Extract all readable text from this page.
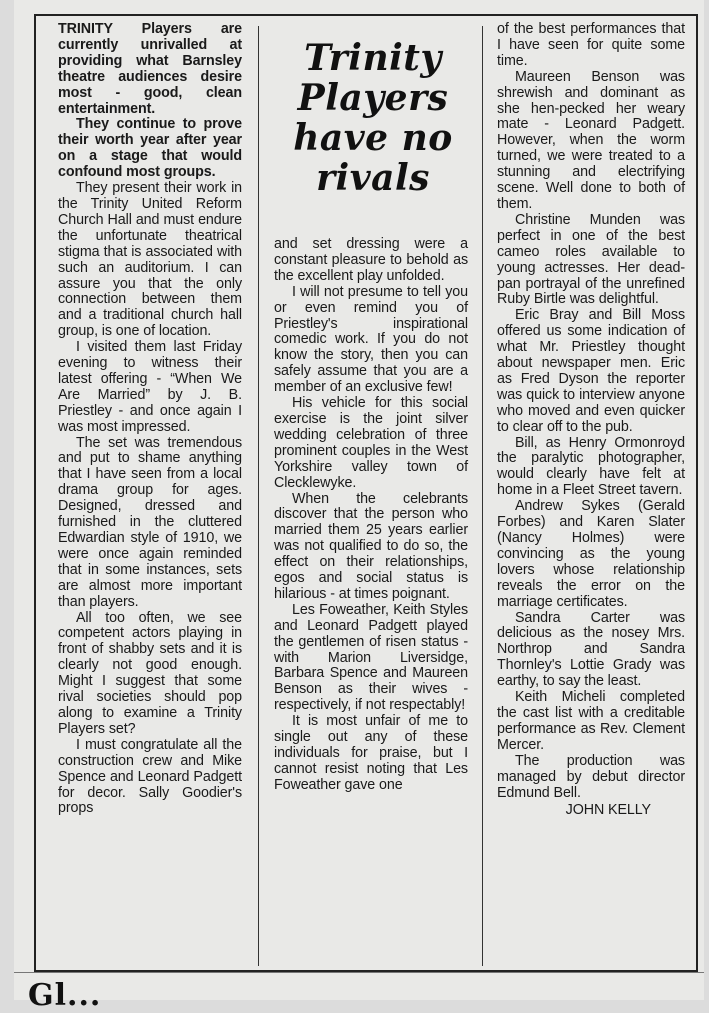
Trinity
Players
have no
rivals

TRINITY Players are currently unrivalled at providing what Barnsley theatre audiences desire most - good, clean entertainment.

They continue to prove their worth year after year on a stage that would confound most groups.

They present their work in the Trinity United Reform Church Hall and must endure the unfortunate theatrical stigma that is associated with such an auditorium. I can assure you that the only connection between them and a traditional church hall group, is one of location.

I visited them last Friday evening to witness their latest offering - “When We Are Married” by J. B. Priestley - and once again I was most impressed.

The set was tremendous and put to shame anything that I have seen from a local drama group for ages. Designed, dressed and furnished in the cluttered Edwardian style of 1910, we were once again reminded that in some instances, sets are almost more important than players.

All too often, we see competent actors playing in front of shabby sets and it is clearly not good enough. Might I suggest that some rival societies should pop along to examine a Trinity Players set?

I must congratulate all the construction crew and Mike Spence and Leonard Padgett for decor. Sally Goodier's props

and set dressing were a constant pleasure to behold as the excellent play unfolded.

I will not presume to tell you or even remind you of Priestley's inspirational comedic work. If you do not know the story, then you can safely assume that you are a member of an exclusive few!

His vehicle for this social exercise is the joint silver wedding celebration of three prominent couples in the West Yorkshire valley town of Clecklewyke.

When the celebrants discover that the person who married them 25 years earlier was not qualified to do so, the effect on their relationships, egos and social status is hilarious - at times poignant.

Les Foweather, Keith Styles and Leonard Padgett played the gentlemen of risen status - with Marion Liversidge, Barbara Spence and Maureen Benson as their wives - respectively, if not respectably!

It is most unfair of me to single out any of these individuals for praise, but I cannot resist noting that Les Foweather gave one

of the best performances that I have seen for quite some time.

Maureen Benson was shrewish and dominant as she hen-pecked her weary mate - Leonard Padgett. However, when the worm turned, we were treated to a stunning and electrifying scene. Well done to both of them.

Christine Munden was perfect in one of the best cameo roles available to young actresses. Her dead-pan portrayal of the unrefined Ruby Birtle was delightful.

Eric Bray and Bill Moss offered us some indication of what Mr. Priestley thought about newspaper men. Eric as Fred Dyson the reporter was quick to interview anyone who moved and even quicker to clear off to the pub.

Bill, as Henry Ormonroyd the paralytic photographer, would clearly have felt at home in a Fleet Street tavern.

Andrew Sykes (Gerald Forbes) and Karen Slater (Nancy Holmes) were convincing as the young lovers whose relationship reveals the error on the marriage certificates.

Sandra Carter was delicious as the nosey Mrs. Northrop and Sandra Thornley's Lottie Grady was earthy, to say the least.

Keith Micheli completed the cast list with a creditable performance as Rev. Clement Mercer.

The production was managed by debut director Edmund Bell.

JOHN KELLY
Gl...
